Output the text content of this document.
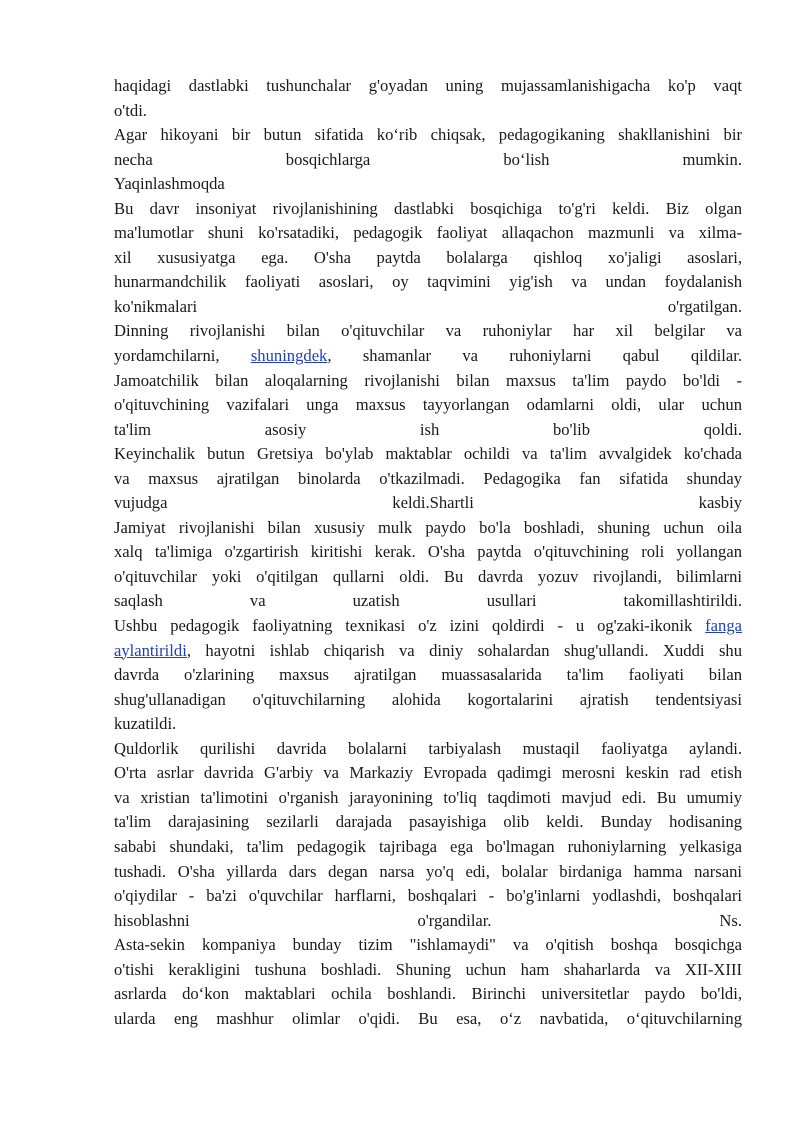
haqidagi dastlabki tushunchalar g'oyadan uning mujassamlanishigacha ko'p vaqt
o'tdi.
Agar hikoyani bir butun sifatida ko‘rib chiqsak, pedagogikaning shakllanishini bir
necha bosqichlarga bo‘lish mumkin.
Yaqinlashmoqda
Bu davr insoniyat rivojlanishining dastlabki bosqichiga to'g'ri keldi. Biz olgan
ma'lumotlar shuni ko'rsatadiki, pedagogik faoliyat allaqachon mazmunli va xilma-
xil xususiyatga ega. O'sha paytda bolalarga qishloq xo'jaligi asoslari,
hunarmandchilik faoliyati asoslari, oy taqvimini yig'ish va undan foydalanish
ko'nikmalari o'rgatilgan.
Dinning rivojlanishi bilan o'qituvchilar va ruhoniylar har xil belgilar va
yordamchilarni, shuningdek, shamanlar va ruhoniylarni qabul qildilar.
Jamoatchilik bilan aloqalarning rivojlanishi bilan maxsus ta'lim paydo bo'ldi -
o'qituvchining vazifalari unga maxsus tayyorlangan odamlarni oldi, ular uchun
ta'lim asosiy ish bo'lib qoldi.
Keyinchalik butun Gretsiya bo'ylab maktablar ochildi va ta'lim avvalgidek ko'chada
va maxsus ajratilgan binolarda o'tkazilmadi. Pedagogika fan sifatida shunday
vujudga keldi.Shartli kasbiy
Jamiyat rivojlanishi bilan xususiy mulk paydo bo'la boshladi, shuning uchun oila
xalq ta'limiga o'zgartirish kiritishi kerak. O'sha paytda o'qituvchining roli yollangan
o'qituvchilar yoki o'qitilgan qullarni oldi. Bu davrda yozuv rivojlandi, bilimlarni
saqlash va uzatish usullari takomillashtirildi.
Ushbu pedagogik faoliyatning texnikasi o'z izini qoldirdi - u og'zaki-ikonik fanga
aylantirildi, hayotni ishlab chiqarish va diniy sohalardan shug'ullandi. Xuddi shu
davrda o'zlarining maxsus ajratilgan muassasalarida ta'lim faoliyati bilan
shug'ullanadigan o'qituvchilarning alohida kogortalarini ajratish tendentsiyasi
kuzatildi.
Quldorlik qurilishi davrida bolalarni tarbiyalash mustaqil faoliyatga aylandi.
O'rta asrlar davrida G'arbiy va Markaziy Evropada qadimgi merosni keskin rad etish
va xristian ta'limotini o'rganish jarayonining to'liq taqdimoti mavjud edi. Bu umumiy
ta'lim darajasining sezilarli darajada pasayishiga olib keldi. Bunday hodisaning
sababi shundaki, ta'lim pedagogik tajribaga ega bo'lmagan ruhoniylarning yelkasiga
tushadi. O'sha yillarda dars degan narsa yo'q edi, bolalar birdaniga hamma narsani
o'qiydilar - ba'zi o'quvchilar harflarni, boshqalari - bo'g'inlarni yodlashdi, boshqalari
hisoblashni o'rgandilar. Ns.
Asta-sekin kompaniya bunday tizim "ishlamaydi" va o'qitish boshqa bosqichga
o'tishi kerakligini tushuna boshladi. Shuning uchun ham shaharlarda va XII-XIII
asrlarda do‘kon maktablari ochila boshlandi. Birinchi universitetlar paydo bo'ldi,
ularda eng mashhur olimlar o'qidi. Bu esa, o‘z navbatida, o‘qituvchilarning
